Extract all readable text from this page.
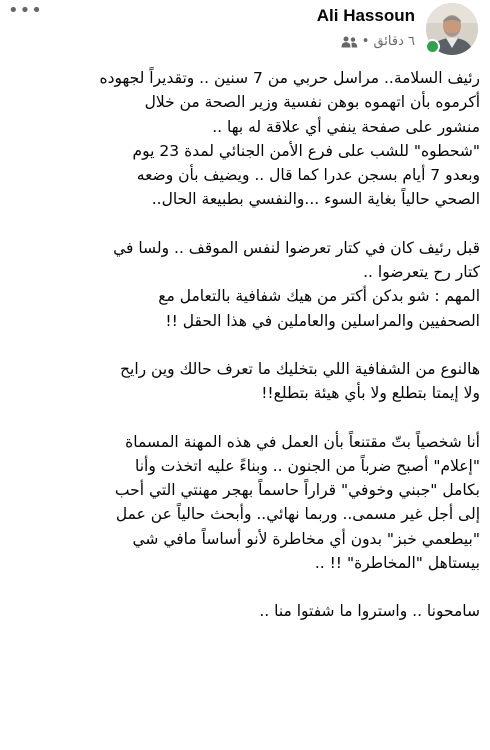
•••	Ali Hassoun
٦ دقائق
•

رئيف السلامة.. مراسل حربي من 7 سنين .. وتقديراً لجهوده
أكرموه بأن اتهموه بوهن نفسية وزير الصحة من خلال
منشور على صفحة ينفي أي علاقة له بها ..
"شحطوه" للشب على فرع الأمن الجنائي لمدة 23 يوم
وبعدو 7 أيام بسجن عدرا كما قال .. ويضيف بأن وضعه
الصحي حالياً بغاية السوء ...والنفسي بطبيعة الحال..

قبل رئيف كان في كتار تعرضوا لنفس الموقف .. ولسا في
كتار رح يتعرضوا ..
المهم : شو بدكن أكتر من هيك شفافية بالتعامل مع
الصحفيين والمراسلين والعاملين في هذا الحقل !!

هالنوع من الشفافية اللي بتخليك ما تعرف حالك وين رايح
ولا إيمتا بتطلع ولا بأي هيئة بتطلع!!

أنا شخصياً بتّ مقتنعاً بأن العمل في هذه المهنة المسماة
"إعلام" أصبح ضرباً من الجنون .. وبناءً عليه اتخذت وأنا
بكامل "جبني وخوفي" قراراً حاسماً بهجر مهنتي التي أحب
إلى أجل غير مسمى.. وربما نهائي.. وأبحث حالياً عن عمل
"بيطعمي خبز" بدون أي مخاطرة لأنو أساساً مافي شي
بيستاهل "المخاطرة" !! ..

سامحونا .. واستروا ما شفتوا منا ..
